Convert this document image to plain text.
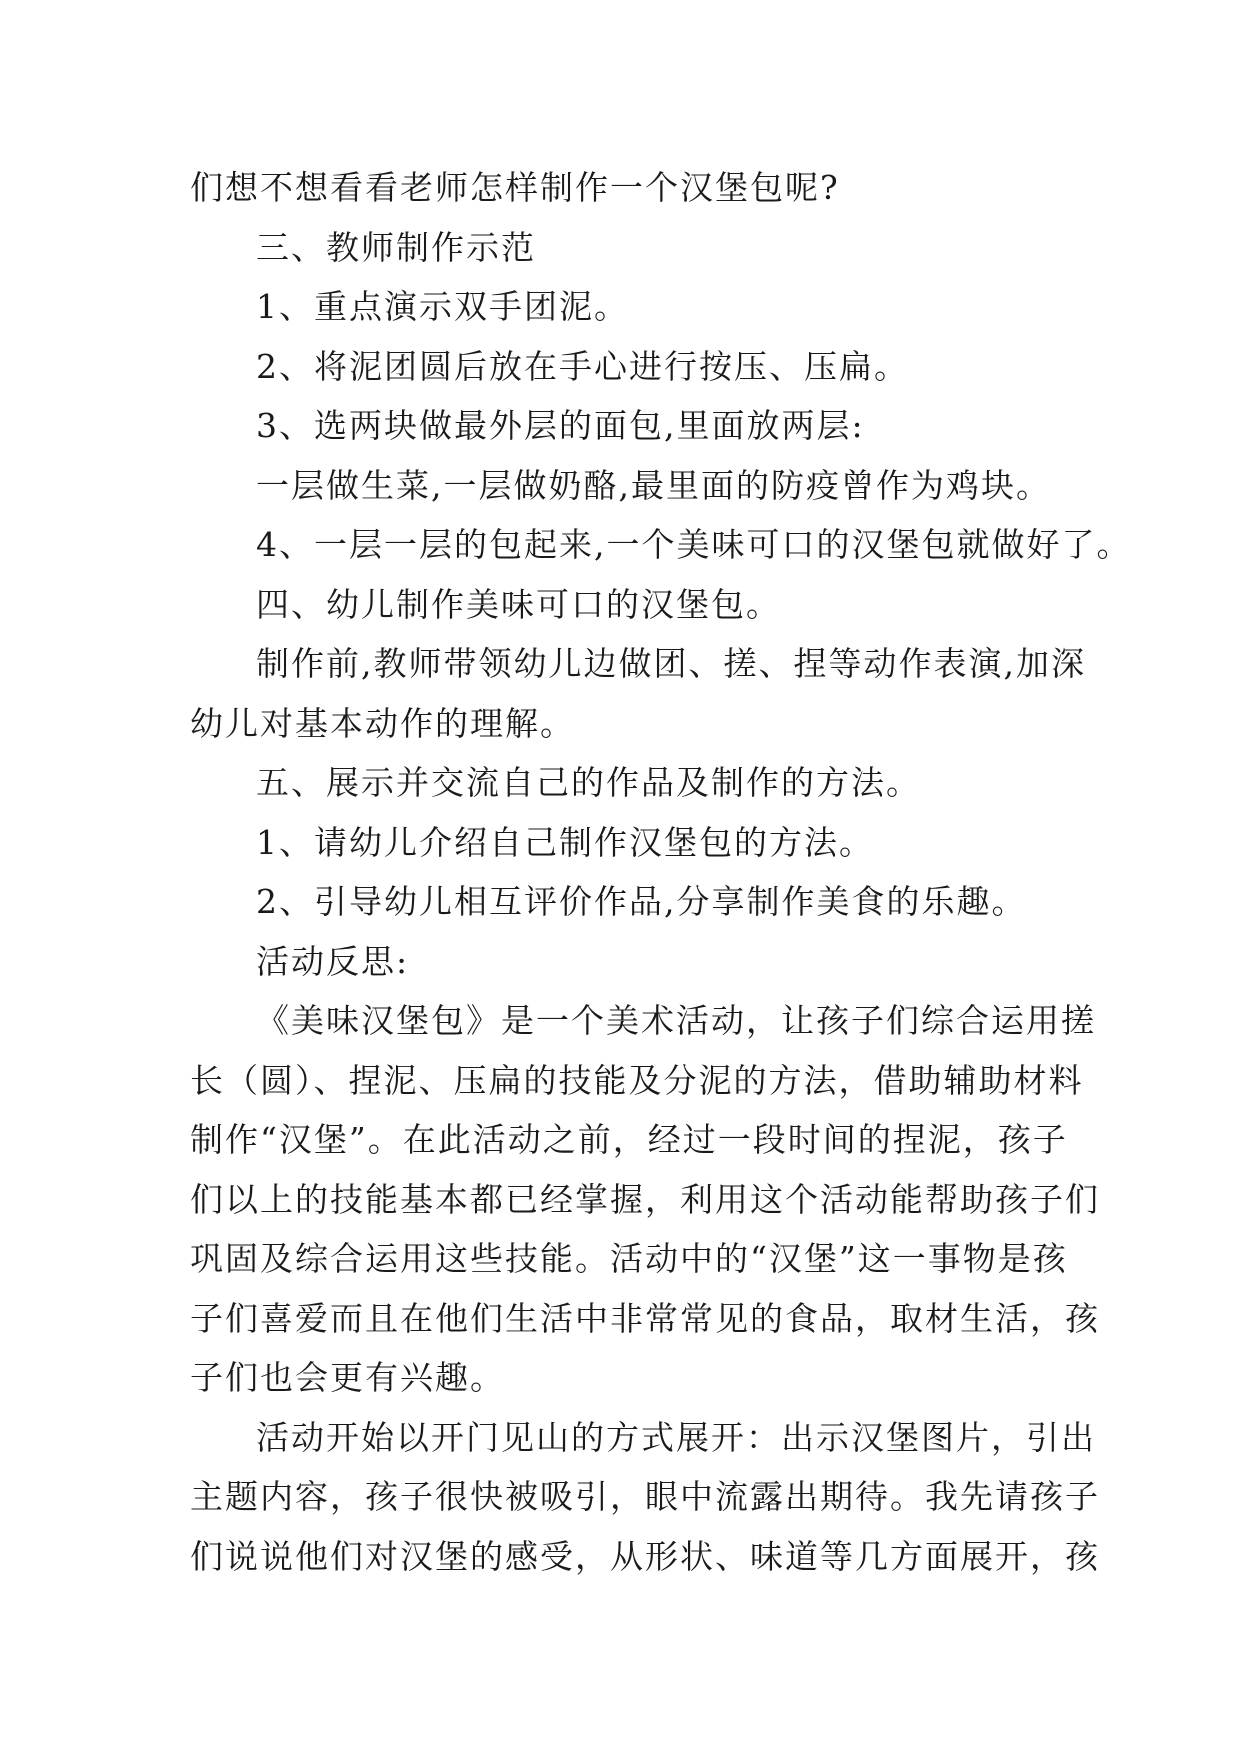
们想不想看看老师怎样制作一个汉堡包呢?
三、教师制作示范
1、重点演示双手团泥。
2、将泥团圆后放在手心进行按压、压扁。
3、选两块做最外层的面包,里面放两层:
一层做生菜,一层做奶酪,最里面的防疫曾作为鸡块。
4、一层一层的包起来,一个美味可口的汉堡包就做好了。
四、幼儿制作美味可口的汉堡包。
制作前,教师带领幼儿边做团、搓、捏等动作表演,加深
幼儿对基本动作的理解。
五、展示并交流自己的作品及制作的方法。
1、请幼儿介绍自己制作汉堡包的方法。
2、引导幼儿相互评价作品,分享制作美食的乐趣。
活动反思:
《美味汉堡包》是一个美术活动，让孩子们综合运用搓
长（圆）、捏泥、压扁的技能及分泥的方法，借助辅助材料
制作“汉堡”。在此活动之前，经过一段时间的捏泥，孩子
们以上的技能基本都已经掌握，利用这个活动能帮助孩子们
巩固及综合运用这些技能。活动中的“汉堡”这一事物是孩
子们喜爱而且在他们生活中非常常见的食品，取材生活，孩
子们也会更有兴趣。
活动开始以开门见山的方式展开：出示汉堡图片，引出
主题内容，孩子很快被吸引，眼中流露出期待。我先请孩子
们说说他们对汉堡的感受，从形状、味道等几方面展开，孩
